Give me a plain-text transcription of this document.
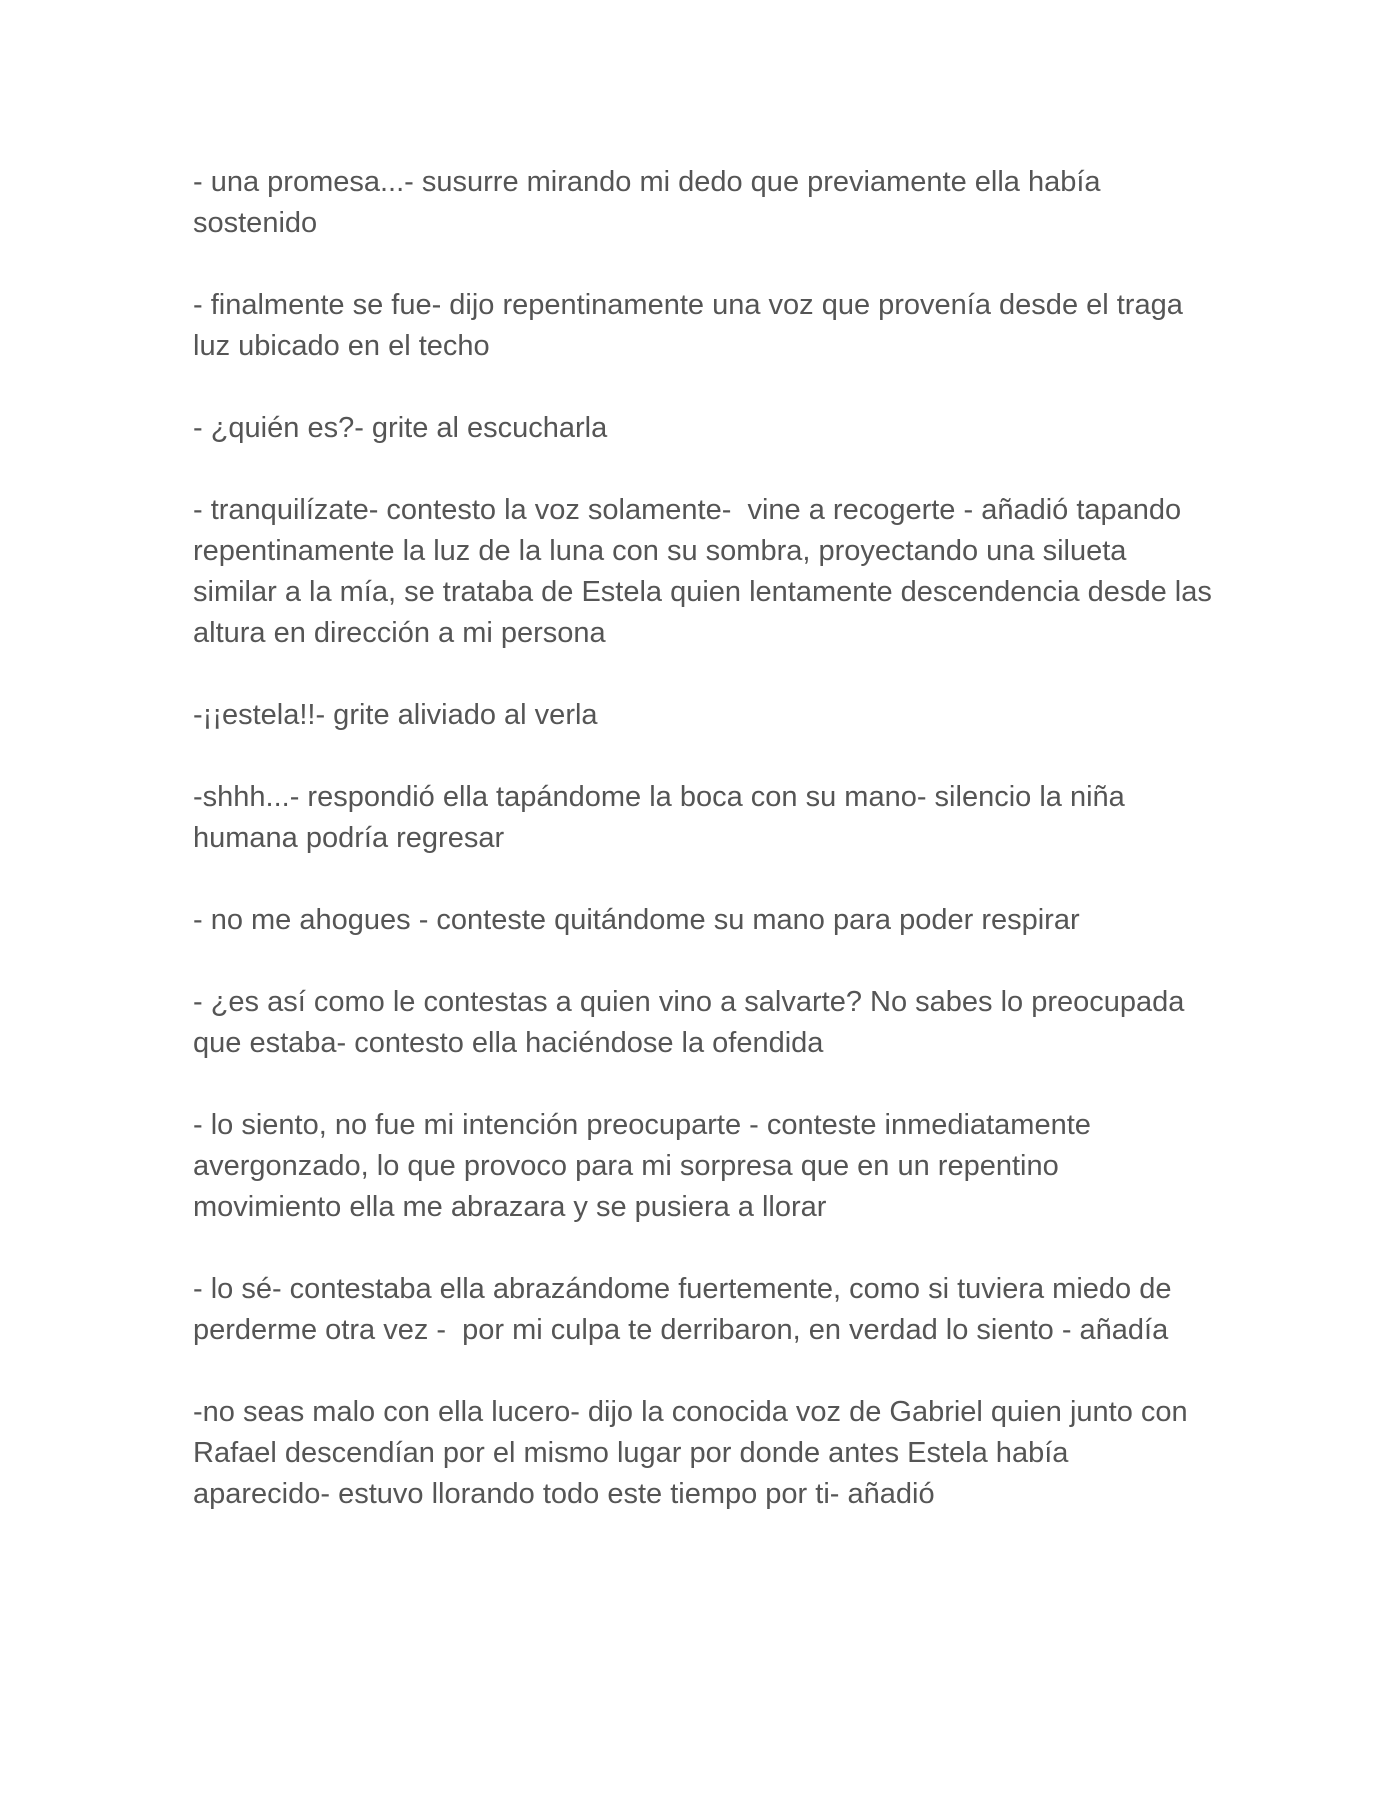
- una promesa...- susurre mirando mi dedo que previamente ella había sostenido

- finalmente se fue- dijo repentinamente una voz que provenía desde el traga luz ubicado en el techo

- ¿quién es?- grite al escucharla

- tranquilízate- contesto la voz solamente-  vine a recogerte - añadió tapando repentinamente la luz de la luna con su sombra, proyectando una silueta similar a la mía, se trataba de Estela quien lentamente descendencia desde las altura en dirección a mi persona

-¡¡estela!!- grite aliviado al verla

-shhh...- respondió ella tapándome la boca con su mano- silencio la niña humana podría regresar

- no me ahogues - conteste quitándome su mano para poder respirar

- ¿es así como le contestas a quien vino a salvarte? No sabes lo preocupada que estaba- contesto ella haciéndose la ofendida

- lo siento, no fue mi intención preocuparte - conteste inmediatamente avergonzado, lo que provoco para mi sorpresa que en un repentino movimiento ella me abrazara y se pusiera a llorar

- lo sé- contestaba ella abrazándome fuertemente, como si tuviera miedo de perderme otra vez -  por mi culpa te derribaron, en verdad lo siento - añadía

-no seas malo con ella lucero- dijo la conocida voz de Gabriel quien junto con Rafael descendían por el mismo lugar por donde antes Estela había aparecido- estuvo llorando todo este tiempo por ti- añadió
